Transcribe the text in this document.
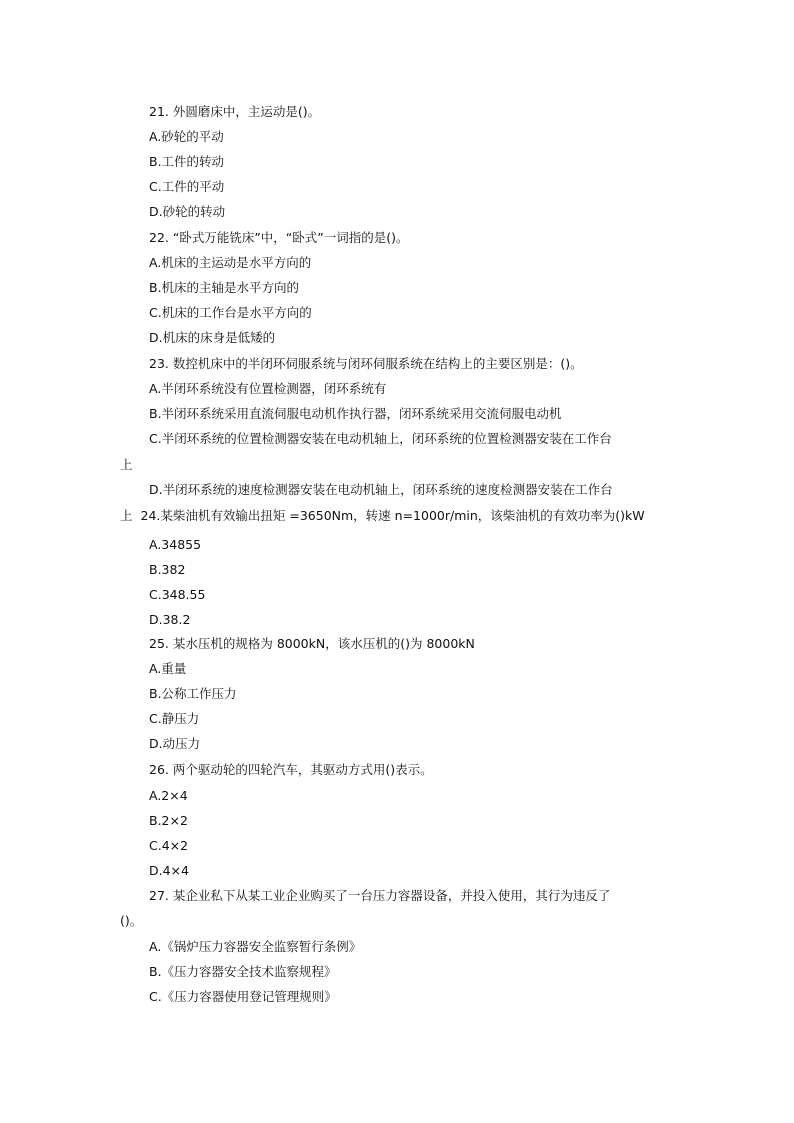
21. 外圆磨床中，主运动是()。
A.砂轮的平动
B.工件的转动
C.工件的平动
D.砂轮的转动
22. “卧式万能铣床”中，“卧式”一词指的是()。
A.机床的主运动是水平方向的
B.机床的主轴是水平方向的
C.机床的工作台是水平方向的
D.机床的床身是低矮的
23. 数控机床中的半闭环伺服系统与闭环伺服系统在结构上的主要区别是：()。
A.半闭环系统没有位置检测器，闭环系统有
B.半闭环系统采用直流伺服电动机作执行器，闭环系统采用交流伺服电动机
C.半闭环系统的位置检测器安装在电动机轴上，闭环系统的位置检测器安装在工作台
上
D.半闭环系统的速度检测器安装在电动机轴上，闭环系统的速度检测器安装在工作台
上 24.某柴油机有效输出扭矩 =3650Nm，转速 n=1000r/min，该柴油机的有效功率为()kW
A.34855
B.382
C.348.55
D.38.2
25. 某水压机的规格为 8000kN，该水压机的()为 8000kN
A.重量
B.公称工作压力
C.静压力
D.动压力
26. 两个驱动轮的四轮汽车，其驱动方式用()表示。
A.2×4
B.2×2
C.4×2
D.4×4
27. 某企业私下从某工业企业购买了一台压力容器设备，并投入使用，其行为违反了
()。
A.《锅炉压力容器安全监察暂行条例》
B.《压力容器安全技术监察规程》
C.《压力容器使用登记管理规则》
